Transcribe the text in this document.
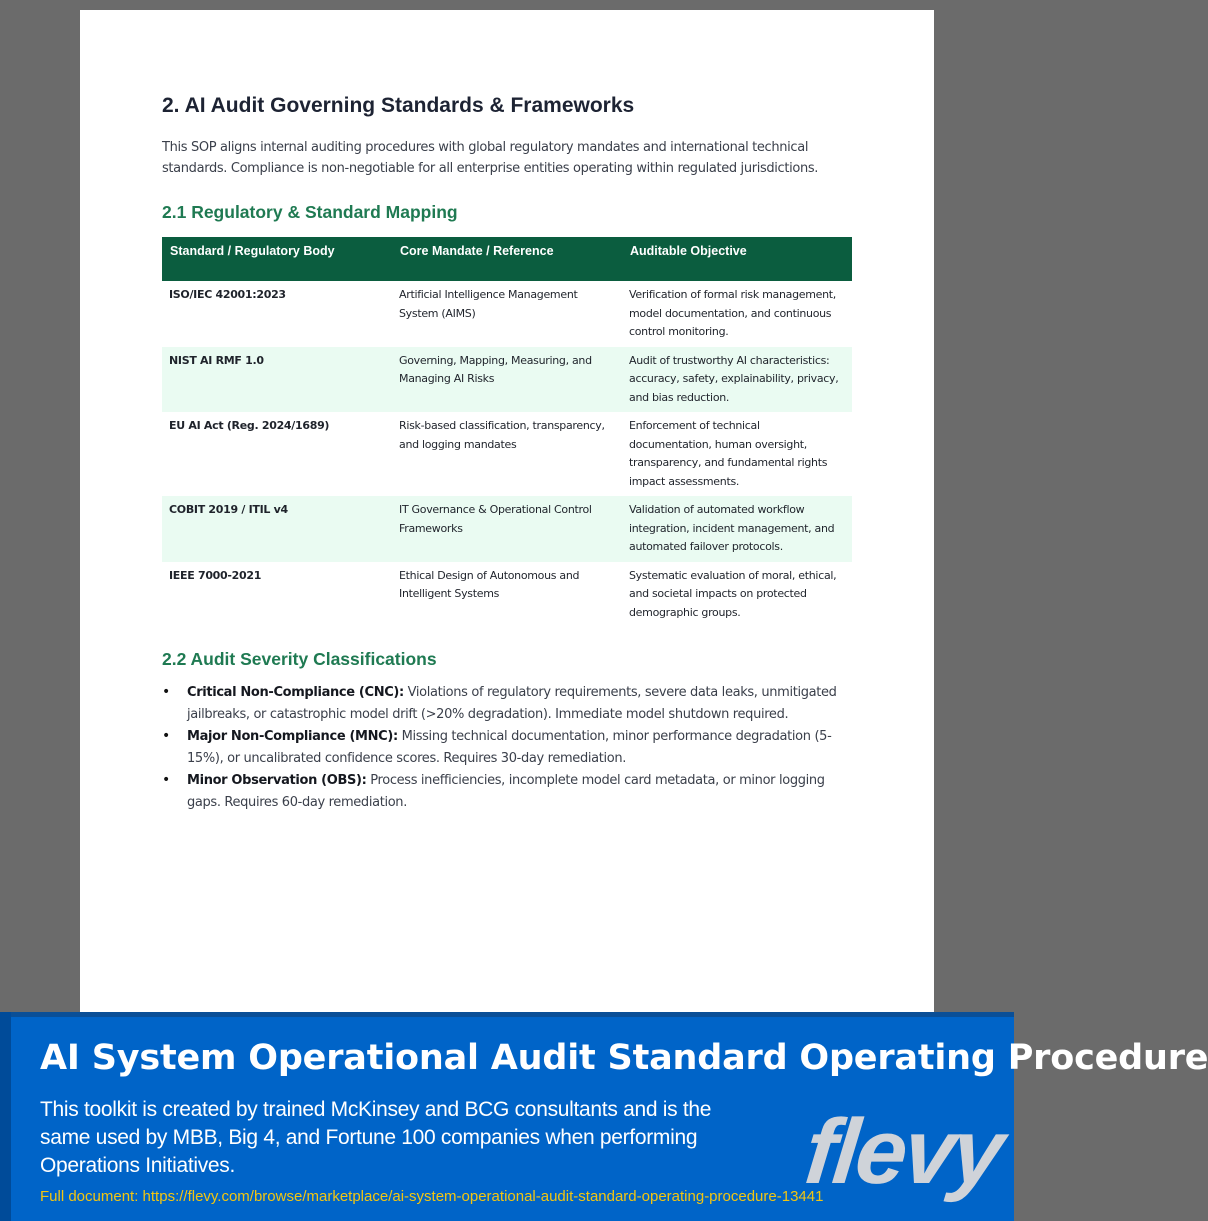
2. AI Audit Governing Standards & Frameworks

This SOP aligns internal auditing procedures with global regulatory mandates and international technical standards. Compliance is non-negotiable for all enterprise entities operating within regulated jurisdictions.

2.1 Regulatory & Standard Mapping
Standard / Regulatory Body	Core Mandate / Reference	Auditable Objective
ISO/IEC 42001:2023	Artificial Intelligence Management System (AIMS)	Verification of formal risk management, model documentation, and continuous control monitoring.
NIST AI RMF 1.0	Governing, Mapping, Measuring, and Managing AI Risks	Audit of trustworthy AI characteristics: accuracy, safety, explainability, privacy, and bias reduction.
EU AI Act (Reg. 2024/1689)	Risk-based classification, transparency, and logging mandates	Enforcement of technical documentation, human oversight, transparency, and fundamental rights impact assessments.
COBIT 2019 / ITIL v4	IT Governance & Operational Control Frameworks	Validation of automated workflow integration, incident management, and automated failover protocols.
IEEE 7000-2021	Ethical Design of Autonomous and Intelligent Systems	Systematic evaluation of moral, ethical, and societal impacts on protected demographic groups.
2.2 Audit Severity Classifications
• Critical Non-Compliance (CNC): Violations of regulatory requirements, severe data leaks, unmitigated jailbreaks, or catastrophic model drift (>20% degradation). Immediate model shutdown required.
• Major Non-Compliance (MNC): Missing technical documentation, minor performance degradation (5-15%), or uncalibrated confidence scores. Requires 30-day remediation.
• Minor Observation (OBS): Process inefficiencies, incomplete model card metadata, or minor logging gaps. Requires 60-day remediation.
AI System Operational Audit Standard Operating Procedure
This toolkit is created by trained McKinsey and BCG consultants and is the same used by MBB, Big 4, and Fortune 100 companies when performing Operations Initiatives.
Full document: https://flevy.com/browse/marketplace/ai-system-operational-audit-standard-operating-procedure-13441
flevy
